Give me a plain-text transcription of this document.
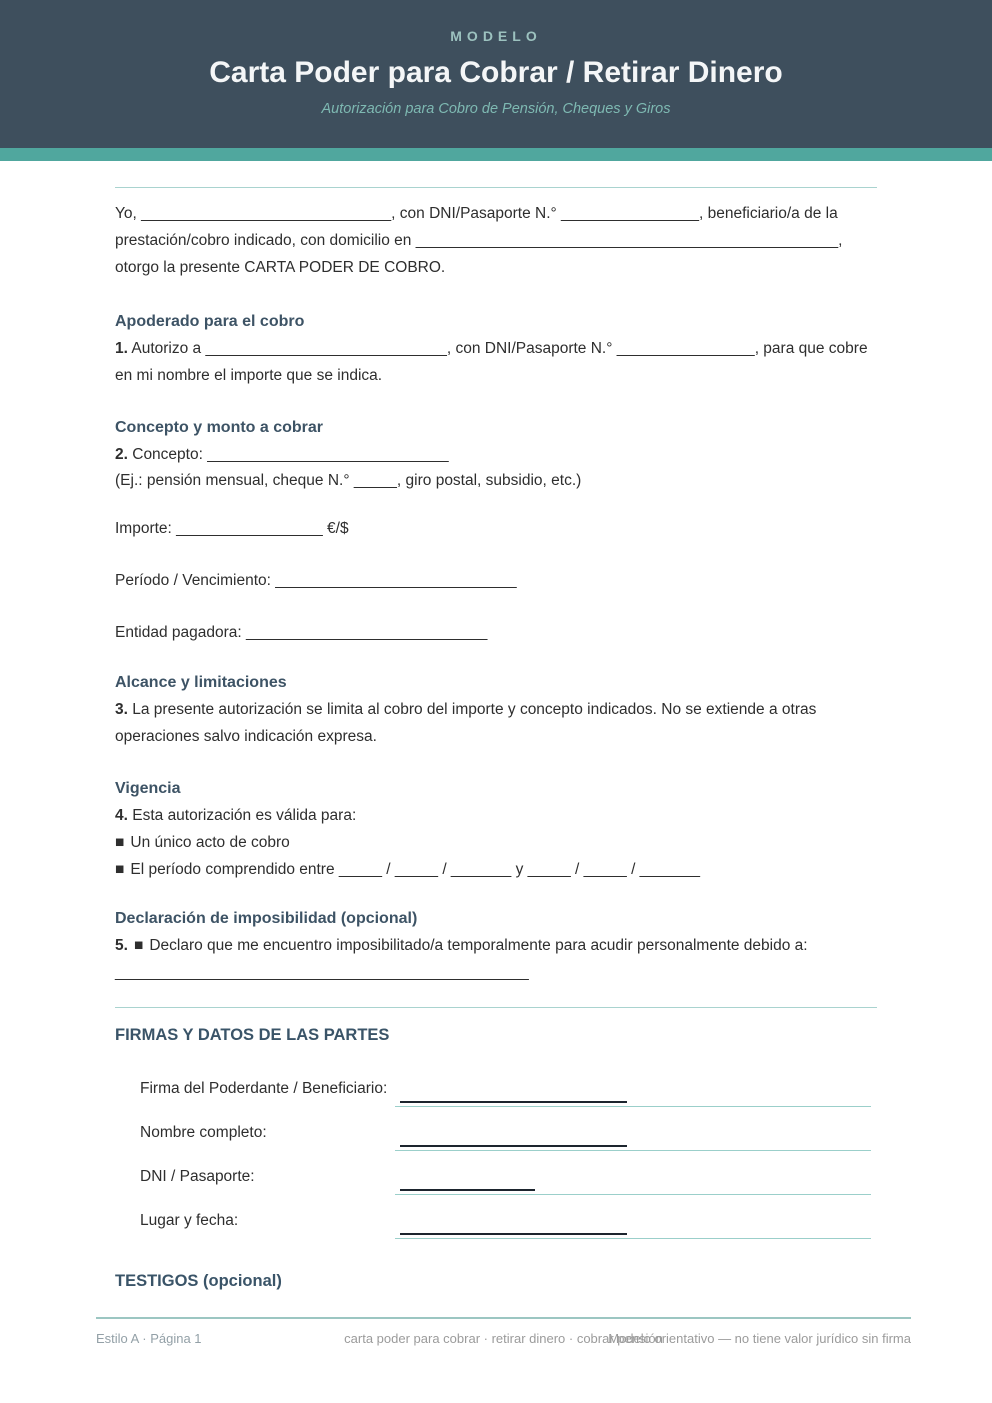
MODELO
Carta Poder para Cobrar / Retirar Dinero
Autorización para Cobro de Pensión, Cheques y Giros

Yo, _____________________________, con DNI/Pasaporte N.° ________________, beneficiario/a de la prestación/cobro indicado, con domicilio en _________________________________________________, otorgo la presente CARTA PODER DE COBRO.

Apoderado para el cobro

1. Autorizo a ____________________________, con DNI/Pasaporte N.° ________________, para que cobre en mi nombre el importe que se indica.

Concepto y monto a cobrar

2. Concepto: ____________________________

(Ej.: pensión mensual, cheque N.° _____, giro postal, subsidio, etc.)

Importe: _________________ €/$

Período / Vencimiento: ____________________________

Entidad pagadora: ____________________________

Alcance y limitaciones

3. La presente autorización se limita al cobro del importe y concepto indicados. No se extiende a otras operaciones salvo indicación expresa.

Vigencia

4. Esta autorización es válida para:

■ Un único acto de cobro

■ El período comprendido entre _____ / _____ / _______ y _____ / _____ / _______

Declaración de imposibilidad (opcional)

5. ■ Declaro que me encuentro imposibilitado/a temporalmente para acudir personalmente debido a:

________________________________________________

FIRMAS Y DATOS DE LAS PARTES
Firma del Poderdante / Beneficiario:
Nombre completo:
DNI / Pasaporte:
Lugar y fecha:
TESTIGOS (opcional)
Estilo A · Página 1	carta poder para cobrar · retirar dinero · cobrar pensión
Modelo orientativo — no tiene valor jurídico sin firma
